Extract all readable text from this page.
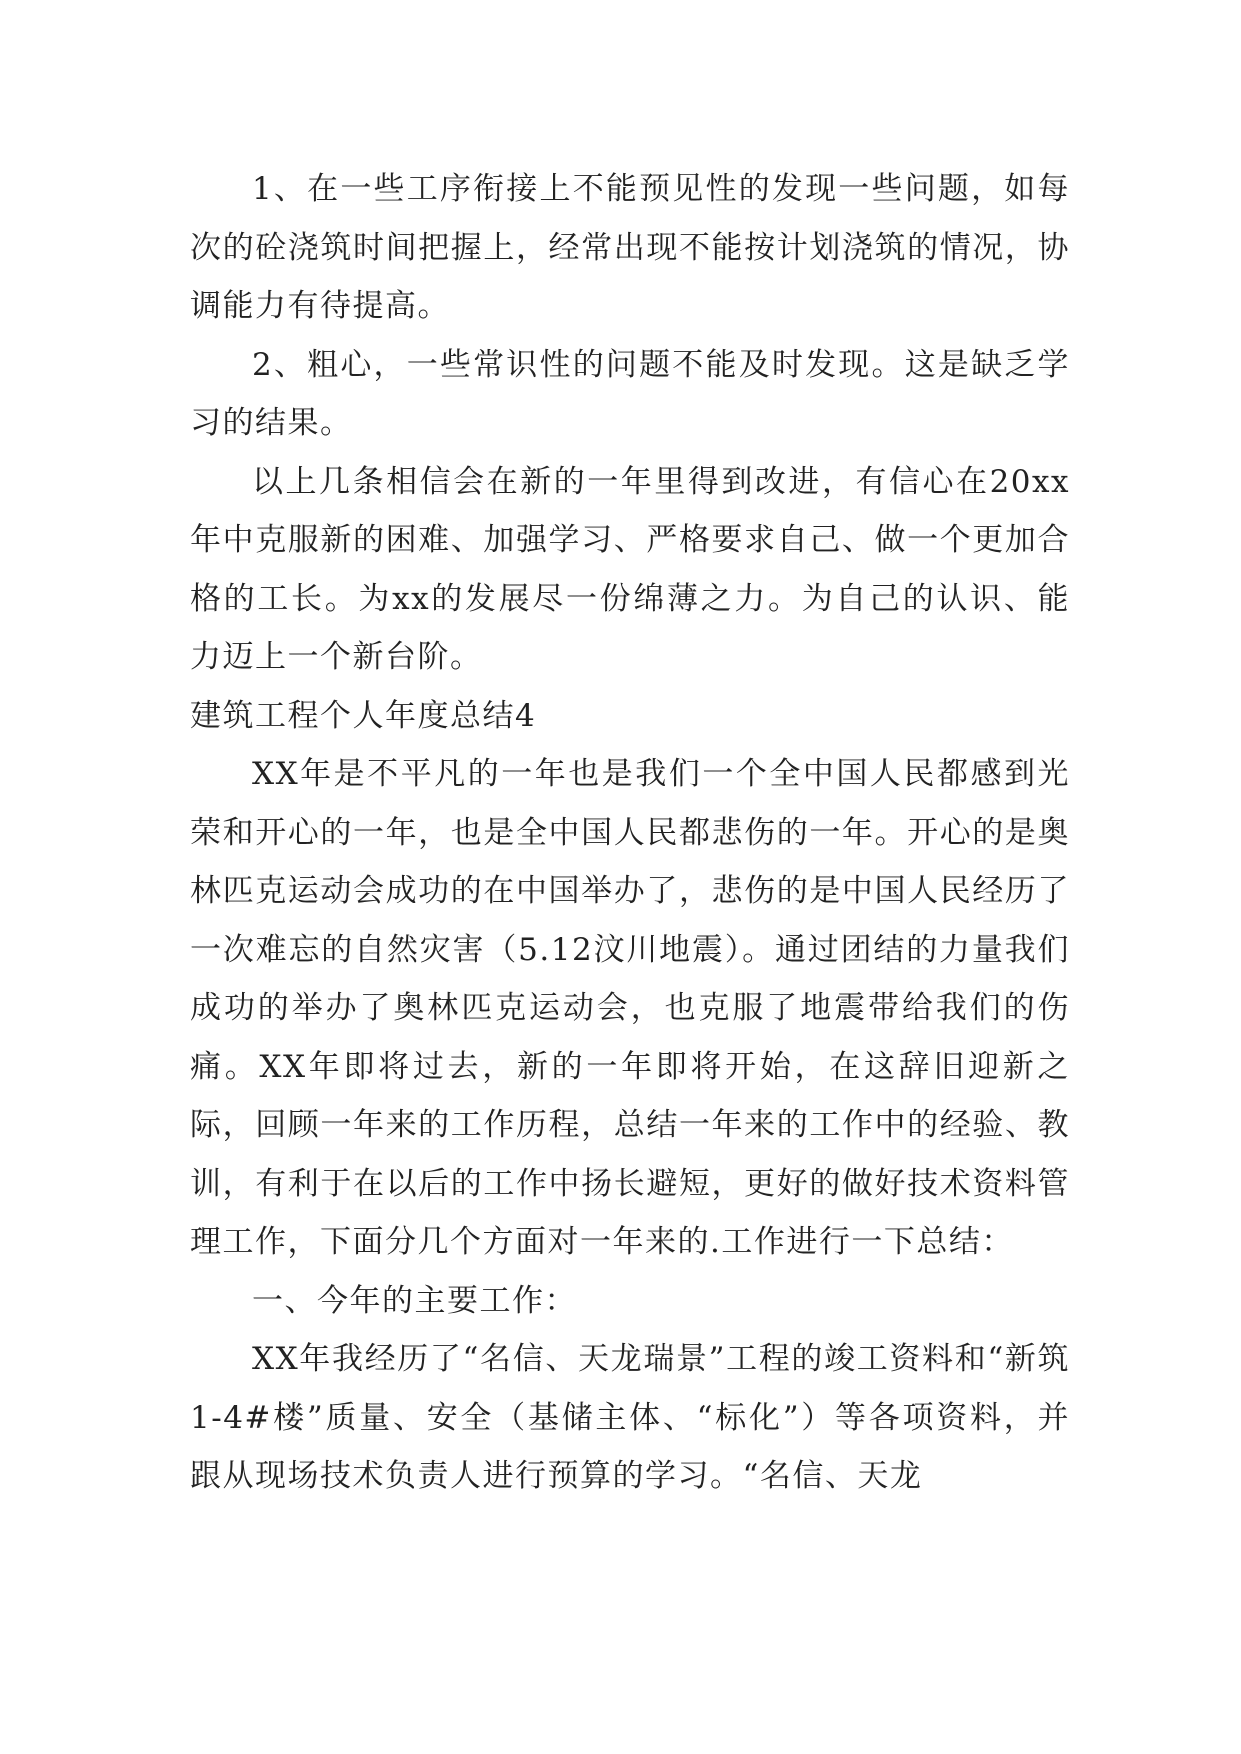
1、在一些工序衔接上不能预见性的发现一些问题，如每次的砼浇筑时间把握上，经常出现不能按计划浇筑的情况，协调能力有待提高。

2、粗心，一些常识性的问题不能及时发现。这是缺乏学习的结果。

以上几条相信会在新的一年里得到改进，有信心在20xx年中克服新的困难、加强学习、严格要求自己、做一个更加合格的工长。为xx的发展尽一份绵薄之力。为自己的认识、能力迈上一个新台阶。

建筑工程个人年度总结4

XX年是不平凡的一年也是我们一个全中国人民都感到光荣和开心的一年，也是全中国人民都悲伤的一年。开心的是奥林匹克运动会成功的在中国举办了，悲伤的是中国人民经历了一次难忘的自然灾害（5.12汶川地震）。通过团结的力量我们成功的举办了奥林匹克运动会，也克服了地震带给我们的伤痛。XX年即将过去，新的一年即将开始，在这辞旧迎新之际，回顾一年来的工作历程，总结一年来的工作中的经验、教训，有利于在以后的工作中扬长避短，更好的做好技术资料管理工作，下面分几个方面对一年来的.工作进行一下总结：

一、今年的主要工作：

XX年我经历了“名信、天龙瑞景”工程的竣工资料和“新筑1-4#楼”质量、安全（基储主体、“标化”）等各项资料，并跟从现场技术负责人进行预算的学习。“名信、天龙
